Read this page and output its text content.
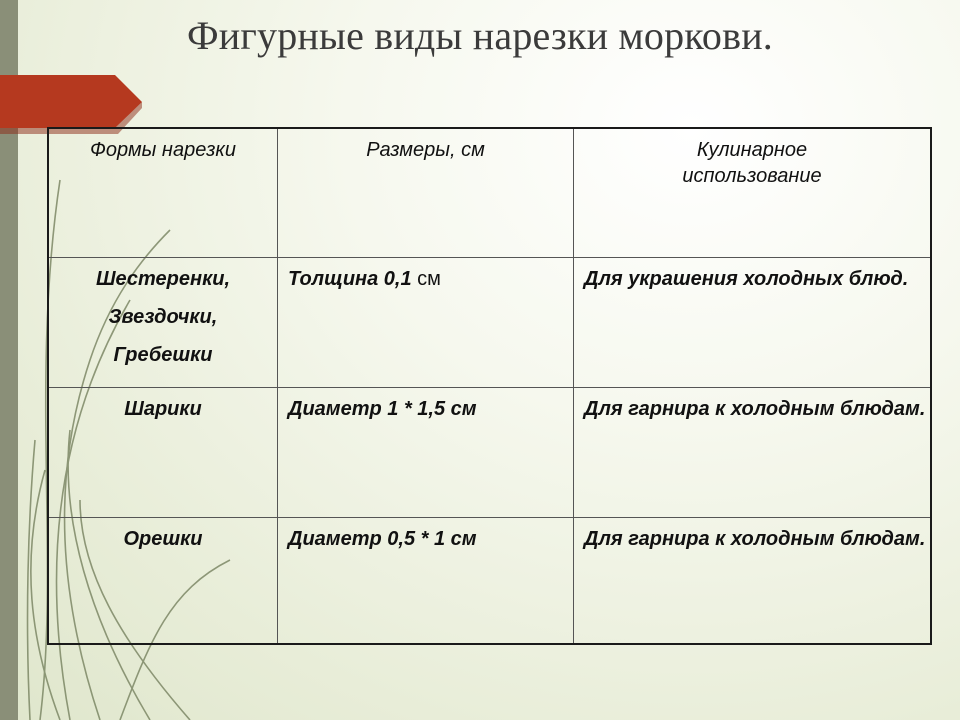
Фигурные виды нарезки моркови.
Формы нарезки	Размеры, см	Кулинарное
использование

Шестеренки,
Звездочки,
Гребешки	Толщина 0,1 см	Для украшения холодных блюд.
Шарики	Диаметр 1 * 1,5 см	Для гарнира к холодным блюдам.
Орешки	Диаметр 0,5 * 1 см	Для гарнира к холодным блюдам.
